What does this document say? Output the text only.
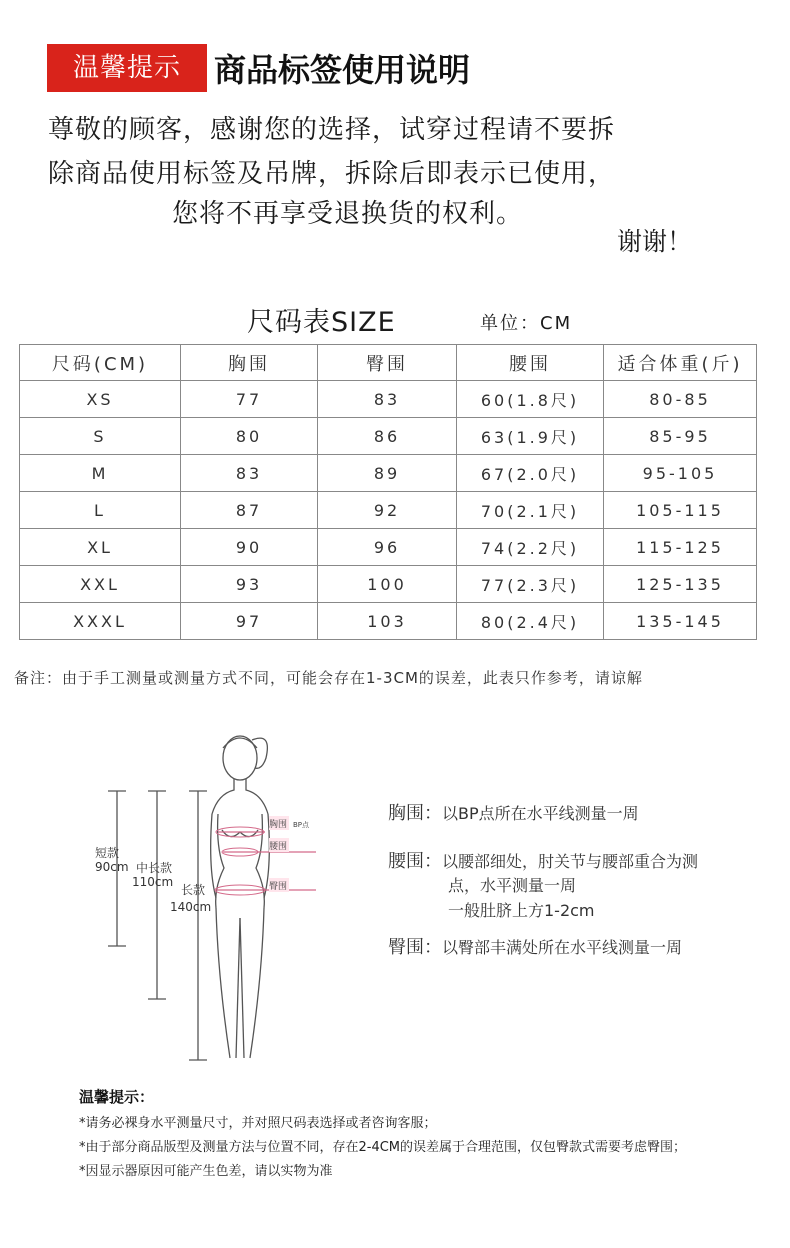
温馨提示	商品标签使用说明
尊敬的顾客，感谢您的选择，试穿过程请不要拆
除商品使用标签及吊牌，拆除后即表示已使用，
您将不再享受退换货的权利。
谢谢！
尺码表SIZE	单位：CM
尺码(CM)	胸围	臀围	腰围	适合体重(斤)
XS	77	83	60(1.8尺)	80-85
S	80	86	63(1.9尺)	85-95
M	83	89	67(2.0尺)	95-105
L	87	92	70(2.1尺)	105-115
XL	90	96	74(2.2尺)	115-125
XXL	93	100	77(2.3尺)	125-135
XXXL	97	103	80(2.4尺)	135-145
备注：由于手工测量或测量方式不同，可能会存在1-3CM的误差，此表只作参考，请谅解
胸围 BP点
腰围
臀围
短款
90cm 中长款
110cm
长款
140cm
胸围：以BP点所在水平线测量一周
腰围：以腰部细处，肘关节与腰部重合为测
点，水平测量一周
一般肚脐上方1-2cm
臀围：以臀部丰满处所在水平线测量一周
温馨提示：
*请务必裸身水平测量尺寸，并对照尺码表选择或者咨询客服；
*由于部分商品版型及测量方法与位置不同，存在2-4CM的误差属于合理范围，仅包臀款式需要考虑臀围；
*因显示器原因可能产生色差，请以实物为准
